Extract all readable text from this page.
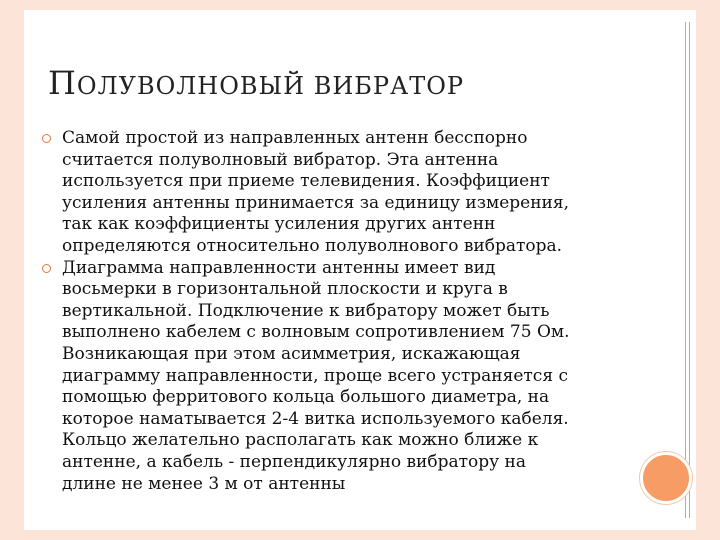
ПОЛУВОЛНОВЫЙ ВИБРАТОР
Самой простой из направленных антенн бесспорно
считается полуволновый вибратор. Эта антенна
используется при приеме телевидения. Коэффициент
усиления антенны принимается за единицу измерения,
так как коэффициенты усиления других антенн
определяются относительно полуволнового вибратора.
Диаграмма направленности антенны имеет вид
восьмерки в горизонтальной плоскости и круга в
вертикальной. Подключение к вибратору может быть
выполнено кабелем с волновым сопротивлением 75 Ом.
Возникающая при этом асимметрия, искажающая
диаграмму направленности, проще всего устраняется с
помощью ферритового кольца большого диаметра, на
которое наматывается 2-4 витка используемого кабеля.
Кольцо желательно располагать как можно ближе к
антенне, а кабель - перпендикулярно вибратору на
длине не менее 3 м от антенны
